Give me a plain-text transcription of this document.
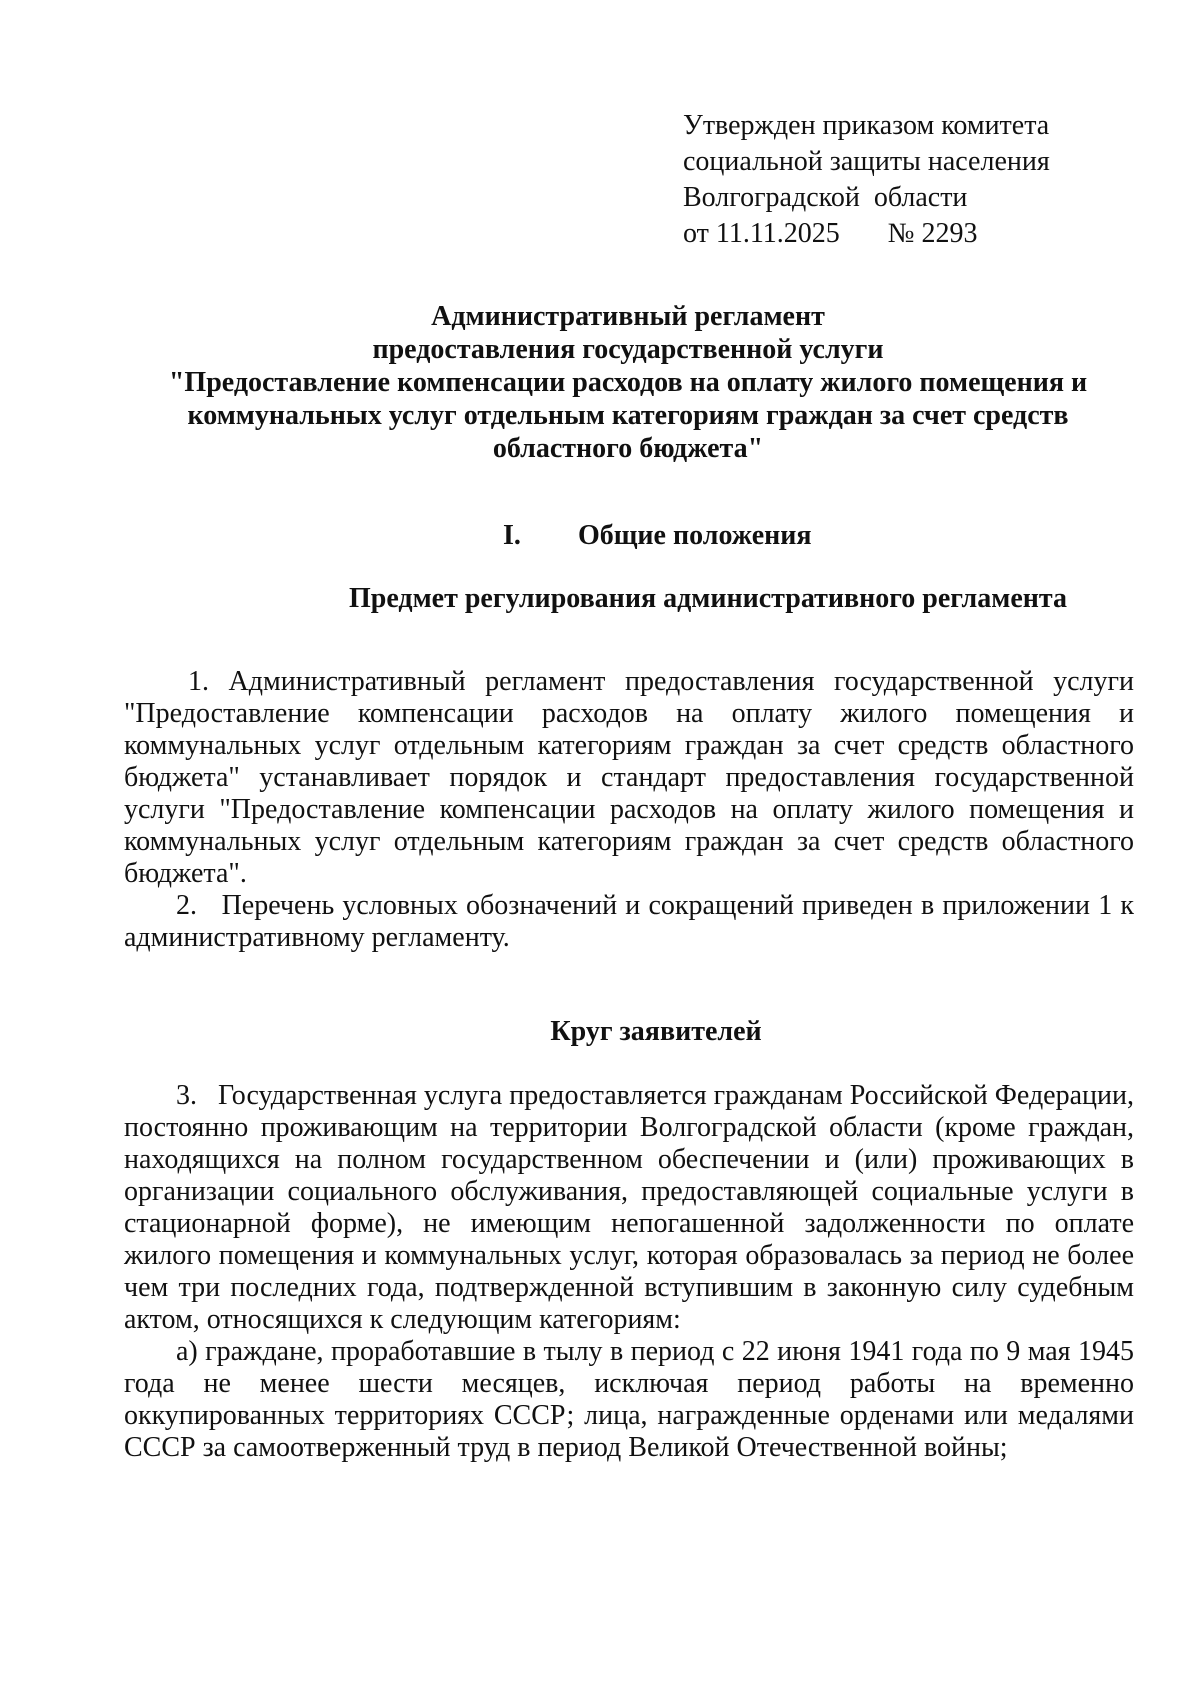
Утвержден приказом комитета
социальной защиты населения
Волгоградской  области
от 11.11.2025 № 2293
Административный регламент
предоставления государственной услуги
"Предоставление компенсации расходов на оплату жилого помещения и
коммунальных услуг отдельным категориям граждан за счет средств
областного бюджета"
I. Общие положения
Предмет регулирования административного регламента

1. Административный регламент предоставления государственной услуги "Предоставление компенсации расходов на оплату жилого помещения и коммунальных услуг отдельным категориям граждан за счет средств областного бюджета" устанавливает порядок и стандарт предоставления государственной услуги "Предоставление компенсации расходов на оплату жилого помещения и коммунальных услуг отдельным категориям граждан за счет средств областного бюджета".

2.   Перечень условных обозначений и сокращений приведен в приложении 1 к административному регламенту.

Круг заявителей

3.   Государственная услуга предоставляется гражданам Российской Федерации, постоянно проживающим на территории Волгоградской области (кроме граждан, находящихся на полном государственном обеспечении и (или) проживающих в организации социального обслуживания, предоставляющей социальные услуги в стационарной форме), не имеющим непогашенной задолженности по оплате жилого помещения и коммунальных услуг, которая образовалась за период не более чем три последних года, подтвержденной вступившим в законную силу судебным актом, относящихся к следующим категориям:

а) граждане, проработавшие в тылу в период с 22 июня 1941 года по 9 мая 1945 года не менее шести месяцев, исключая период работы на временно оккупированных территориях СССР; лица, награжденные орденами или медалями СССР за самоотверженный труд в период Великой Отечественной войны;
